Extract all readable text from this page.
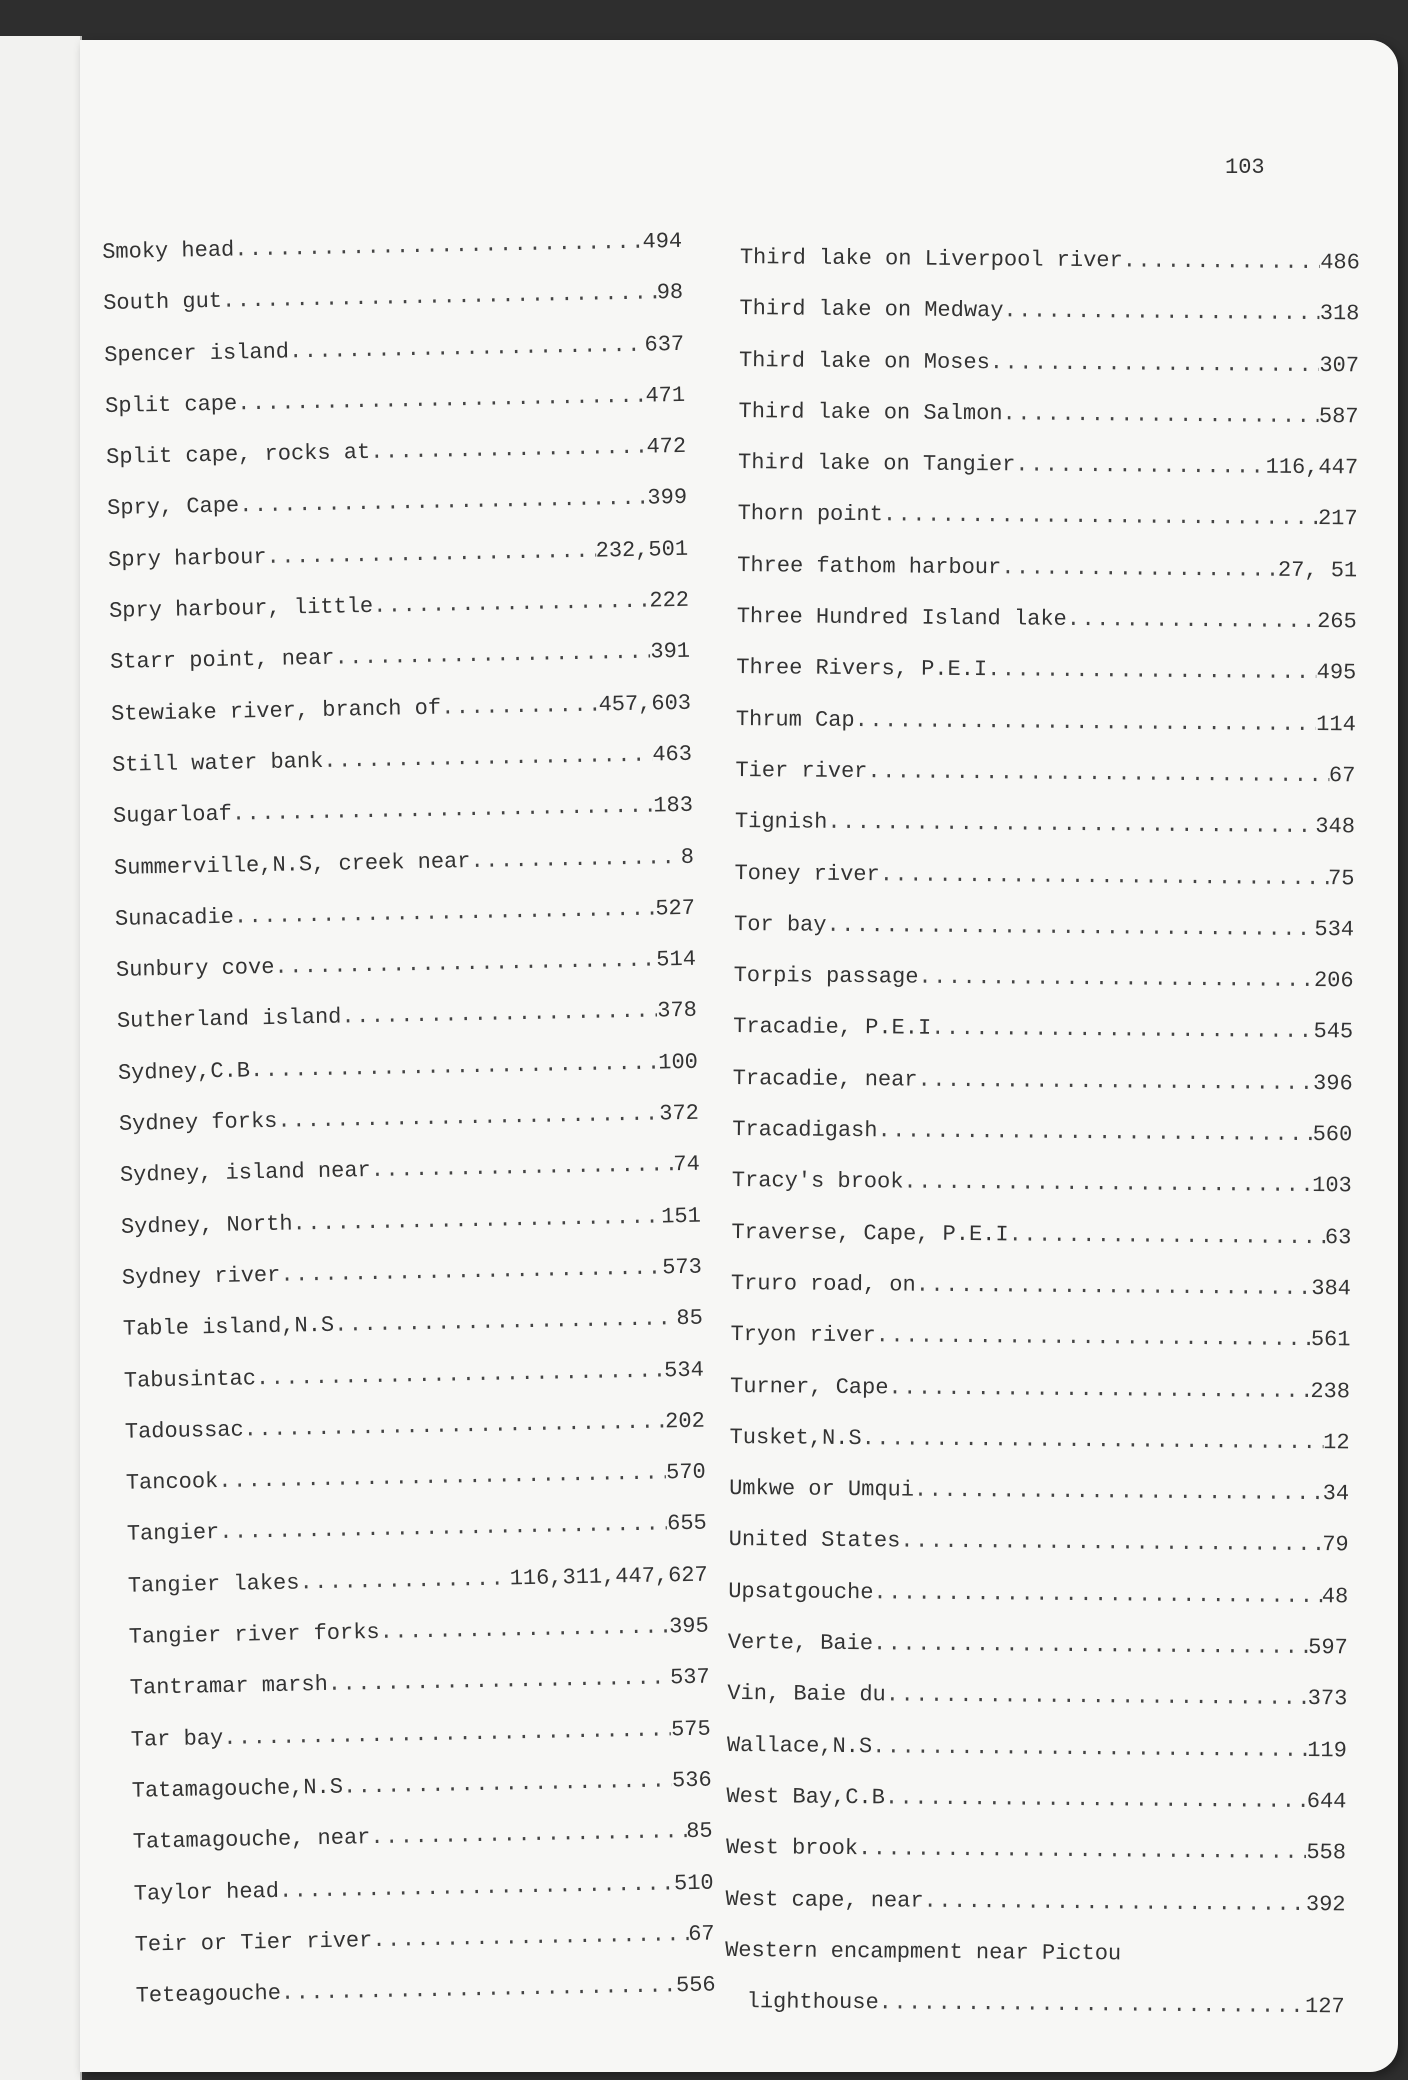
103
Smoky head .....	494
South gut .....	98
Spencer island .....	637
Split cape .....	471
Split cape, rocks at .....	472
Spry, Cape .....	399
Spry harbour .....	232,501
Spry harbour, little .....	222
Starr point, near .....	391
Stewiake river, branch of .....	457,603
Still water bank .....	463
Sugarloaf .....	183
Summerville,N.S, creek near .....	8
Sunacadie .....	527
Sunbury cove .....	514
Sutherland island .....	378
Sydney,C.B .....	100
Sydney forks .....	372
Sydney, island near .....	74
Sydney, North .....	151
Sydney river .....	573
Table island,N.S .....	85
Tabusintac .....	534
Tadoussac .....	202
Tancook .....	570
Tangier .....	655
Tangier lakes .....	116,311,447,627
Tangier river forks .....	395
Tantramar marsh .....	537
Tar bay .....	575
Tatamagouche,N.S .....	536
Tatamagouche, near .....	85
Taylor head .....	510
Teir or Tier river .....	67
Teteagouche .....	556
Third lake on Liverpool river .....	486
Third lake on Medway .....	318
Third lake on Moses .....	307
Third lake on Salmon .....	587
Third lake on Tangier .....	116,447
Thorn point .....	217
Three fathom harbour .....	27, 51
Three Hundred Island lake .....	265
Three Rivers, P.E.I .....	495
Thrum Cap .....	114
Tier river .....	67
Tignish .....	348
Toney river .....	75
Tor bay .....	534
Torpis passage .....	206
Tracadie, P.E.I .....	545
Tracadie, near .....	396
Tracadigash .....	560
Tracy's brook .....	103
Traverse, Cape, P.E.I .....	63
Truro road, on .....	384
Tryon river .....	561
Turner, Cape .....	238
Tusket,N.S .....	12
Umkwe or Umqui .....	34
United States .....	79
Upsatgouche .....	48
Verte, Baie .....	597
Vin, Baie du .....	373
Wallace,N.S .....	119
West Bay,C.B .....	644
West brook .....	558
West cape, near .....	392
Western encampment near Pictou
lighthouse .....	127
